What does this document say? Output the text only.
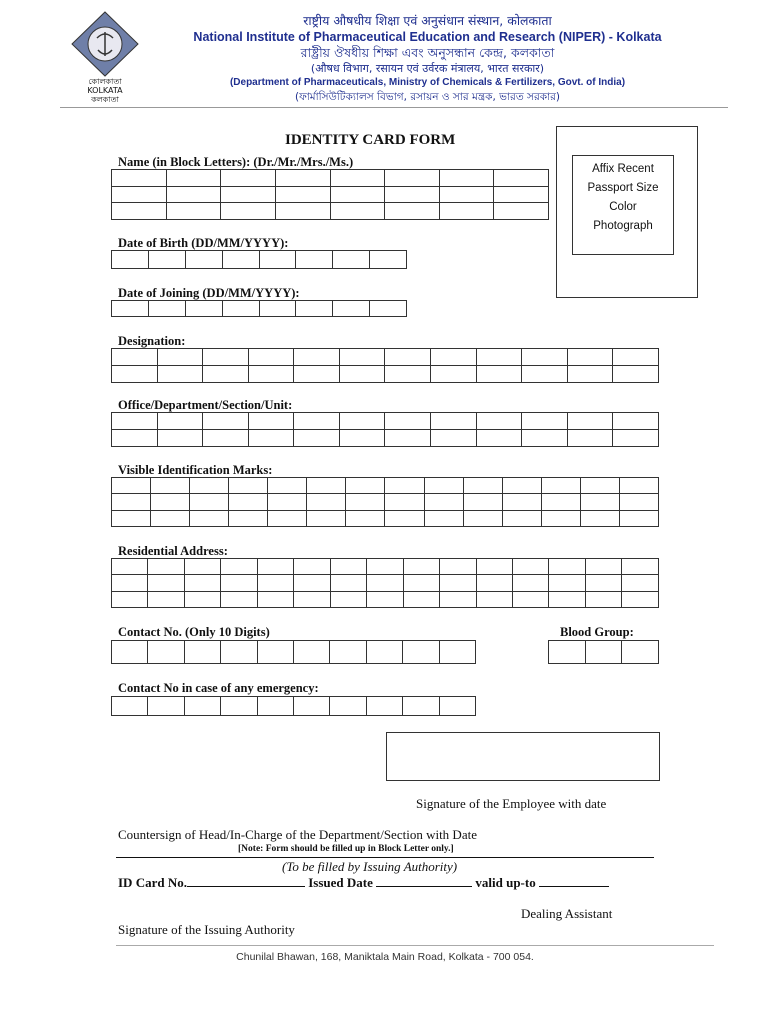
কোলকাতা
KOLKATA
কলকাতা
राष्ट्रीय औषधीय शिक्षा एवं अनुसंधान संस्थान, कोलकाता
National Institute of Pharmaceutical Education and Research (NIPER) - Kolkata
রাষ্ট্রীয় ঔষধীয় শিক্ষা এবং অনুসন্ধান কেন্দ্র, কলকাতা
(औषध विभाग, रसायन एवं उर्वरक मंत्रालय, भारत सरकार)
(Department of Pharmaceuticals, Ministry of Chemicals & Fertilizers, Govt. of India)
(ফার্মাসিউটিক্যালস বিভাগ, রসায়ন ও সার মন্ত্রক, ভারত সরকার)
IDENTITY CARD FORM
Affix Recent
Passport Size
Color
Photograph
Name (in Block Letters): (Dr./Mr./Mrs./Ms.)

Date of Birth (DD/MM/YYYY):

Date of Joining (DD/MM/YYYY):

Designation:

Office/Department/Section/Unit:

Visible Identification Marks:

Residential Address:

Contact No. (Only 10 Digits)
										Blood Group:

Contact No in case of any emergency:

Signature of the Employee with date
Countersign of Head/In-Charge of the Department/Section with Date
[Note: Form should be filled up in Block Letter only.]
(To be filled by Issuing Authority)
ID Card No.	Issued Date	valid up-to
Dealing Assistant
Signature of the Issuing Authority
Chunilal Bhawan, 168, Maniktala Main Road, Kolkata - 700 054.
